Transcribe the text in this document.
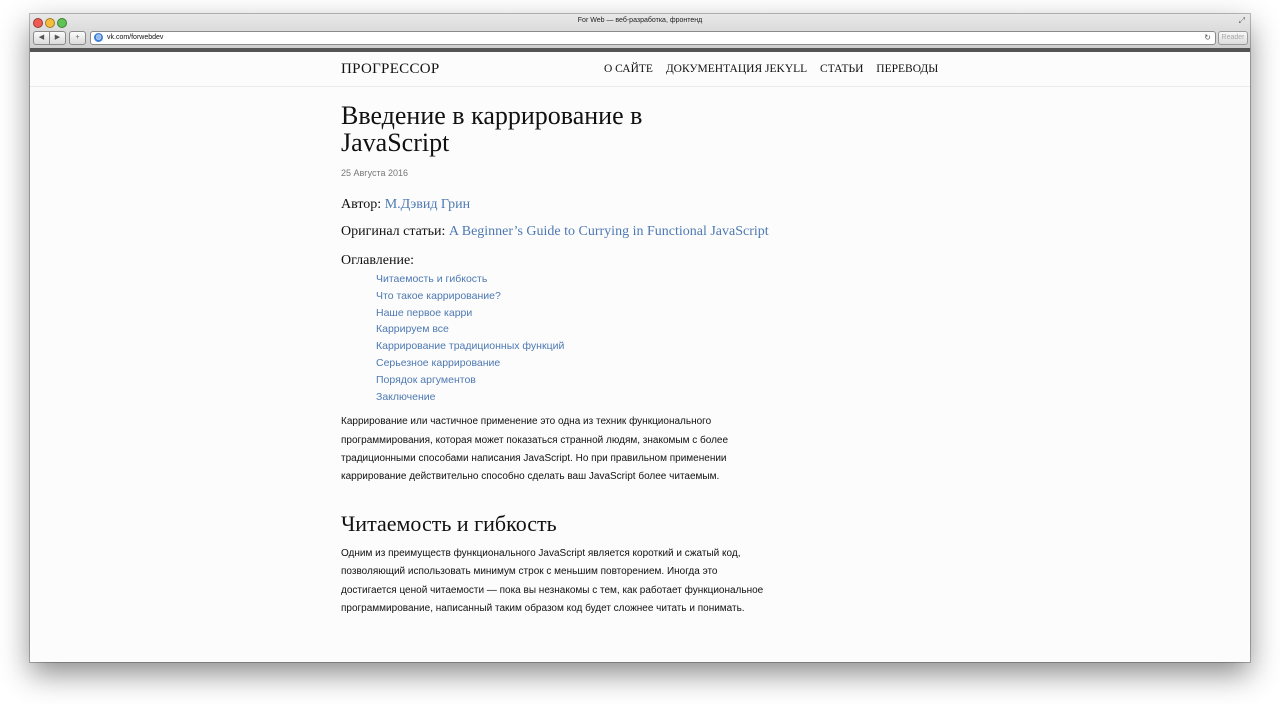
For Web — веб-разработка, фронтенд	⤢
◀	▶	+	◍ vk.com/forwebdev	↻	Reader
ПРОГРЕССОР	О САЙТЕ ДОКУМЕНТАЦИЯ JEKYLL СТАТЬИ ПЕРЕВОДЫ
Введение в каррирование в JavaScript
25 Августа 2016
Автор: М.Дэвид Грин
Оригинал статьи: A Beginner’s Guide to Currying in Functional JavaScript
Оглавление:
Читаемость и гибкость
Что такое каррирование?
Наше первое карри
Каррируем все
Каррирование традиционных функций
Серьезное каррирование
Порядок аргументов
Заключение

Каррирование или частичное применение это одна из техник функционального программирования, которая может показаться странной людям, знакомым с более традиционными способами написания JavaScript. Но при правильном применении каррирование действительно способно сделать ваш JavaScript более читаемым.

Читаемость и гибкость

Одним из преимуществ функционального JavaScript является короткий и сжатый код, позволяющий использовать минимум строк с меньшим повторением. Иногда это достигается ценой читаемости — пока вы незнакомы с тем, как работает функциональное программирование, написанный таким образом код будет сложнее читать и понимать.
